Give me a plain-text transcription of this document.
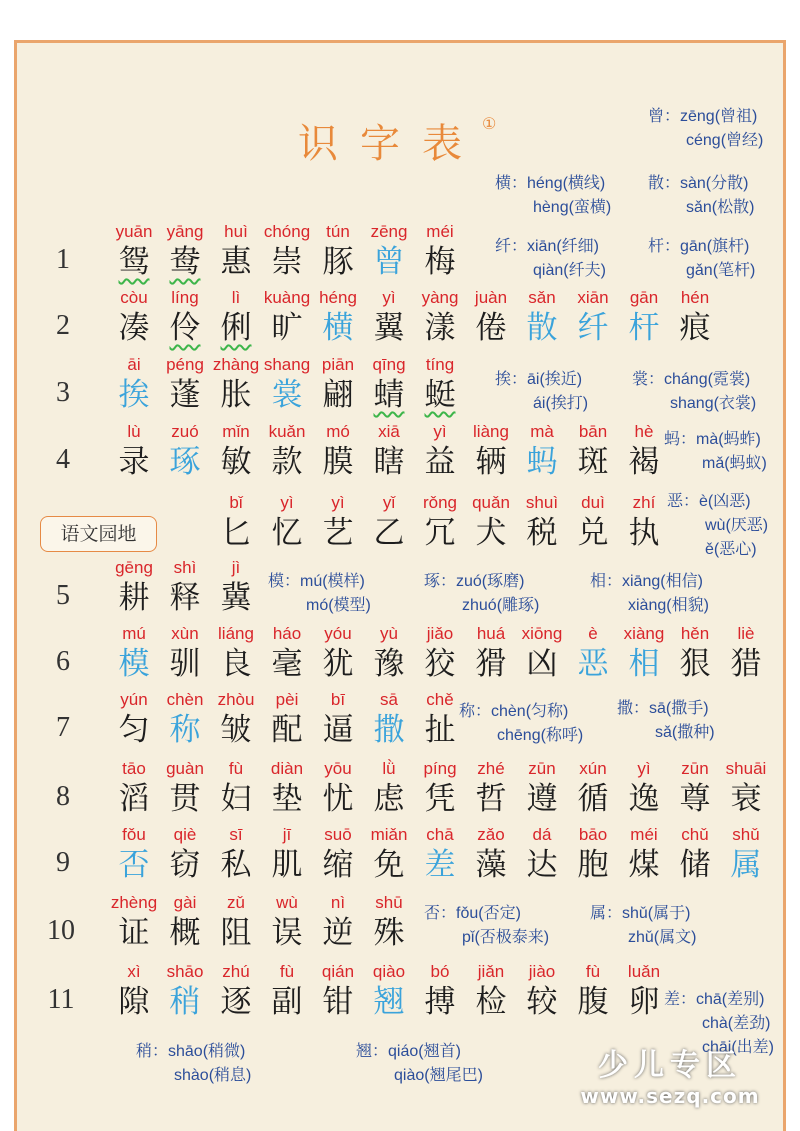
识字表
①
语文园地
1
yuān
鸳
yāng
鸯
huì
惠
chóng
崇
tún
豚
zēng
曾
méi
梅
2
còu
凑
líng
伶
lì
俐
kuàng
旷
héng
横
yì
翼
yàng
漾
juàn
倦
sǎn
散
xiān
纤
gān
杆
hén
痕
3
āi
挨
péng
蓬
zhàng
胀
shang
裳
piān
翩
qīng
蜻
tíng
蜓
4
lù
录
zuó
琢
mǐn
敏
kuǎn
款
mó
膜
xiā
瞎
yì
益
liàng
辆
mà
蚂
bān
斑
hè
褐
bǐ
匕
yì
忆
yì
艺
yǐ
乙
rǒng
冗
quǎn
犬
shuì
税
duì
兑
zhí
执
5
gēng
耕
shì
释
jì
冀
6
mú
模
xùn
驯
liáng
良
háo
毫
yóu
犹
yù
豫
jiǎo
狡
huá
猾
xiōng
凶
è
恶
xiàng
相
hěn
狠
liè
猎
7
yún
匀
chèn
称
zhòu
皱
pèi
配
bī
逼
sā
撒
chě
扯
8
tāo
滔
guàn
贯
fù
妇
diàn
垫
yōu
忧
lǜ
虑
píng
凭
zhé
哲
zūn
遵
xún
循
yì
逸
zūn
尊
shuāi
衰
9
fǒu
否
qiè
窃
sī
私
jī
肌
suō
缩
miǎn
免
chā
差
zǎo
藻
dá
达
bāo
胞
méi
煤
chǔ
储
shǔ
属
10
zhèng
证
gài
概
zǔ
阻
wù
误
nì
逆
shū
殊
11
xì
隙
shāo
稍
zhú
逐
fù
副
qián
钳
qiào
翘
bó
搏
jiǎn
检
jiào
较
fù
腹
luǎn
卵
曾：zēng(曾祖)
céng(曾经)
横：héng(横线)
hèng(蛮横)
散：sàn(分散)
sǎn(松散)
纤：xiān(纤细)
qiàn(纤夫)
杆：gān(旗杆)
gǎn(笔杆)
挨：āi(挨近)
ái(挨打)
裳：cháng(霓裳)
shang(衣裳)
蚂：mà(蚂蚱)
mǎ(蚂蚁)
恶：è(凶恶)
wù(厌恶)
ě(恶心)
模：mú(模样)
mó(模型)
琢：zuó(琢磨)
zhuó(雕琢)
相：xiāng(相信)
xiàng(相貌)
称：chèn(匀称)
chēng(称呼)
撒：sā(撒手)
sǎ(撒种)
否：fǒu(否定)
pǐ(否极泰来)
属：shǔ(属于)
zhǔ(属文)
差：chā(差别)
chà(差劲)
chāi(出差)
稍：shāo(稍微)
shào(稍息)
翘：qiáo(翘首)
qiào(翘尾巴)	少儿专区
www.sezq.com
